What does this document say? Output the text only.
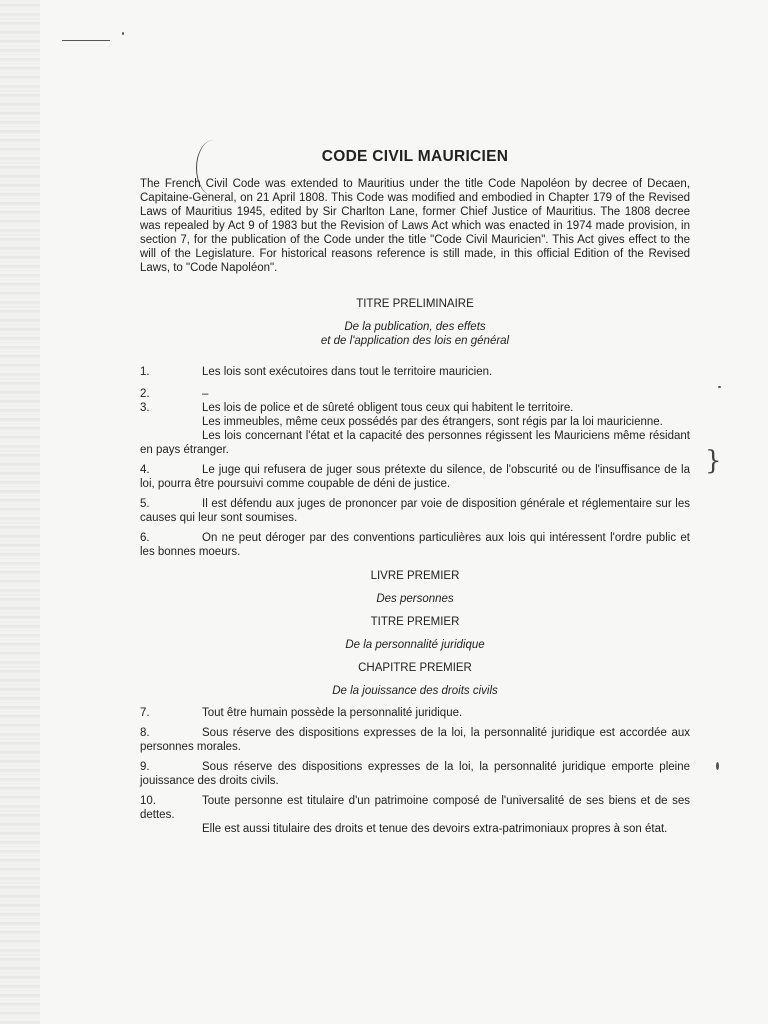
}
CODE CIVIL MAURICIEN

The French Civil Code was extended to Mauritius under the title Code Napoléon by decree of Decaen, Capitaine-General, on 21 April 1808. This Code was modified and embodied in Chapter 179 of the Revised Laws of Mauritius 1945, edited by Sir Charlton Lane, former Chief Justice of Mauritius. The 1808 decree was repealed by Act 9 of 1983 but the Revision of Laws Act which was enacted in 1974 made provision, in section 7, for the publication of the Code under the title "Code Civil Mauricien". This Act gives effect to the will of the Legislature. For historical reasons reference is still made, in this official Edition of the Revised Laws, to "Code Napoléon".

TITRE PRELIMINAIRE

De la publication, des effets

et de l'application des lois en général

1.	Les lois sont exécutoires dans tout le territoire mauricien.

2.	–

3.	Les lois de police et de sûreté obligent tous ceux qui habitent le territoire.

Les immeubles, même ceux possédés par des étrangers, sont régis par la loi mauricienne.

Les lois concernant l'état et la capacité des personnes régissent les Mauriciens même résidant en pays étranger.

4.	Le juge qui refusera de juger sous prétexte du silence, de l'obscurité ou de l'insuffisance de la loi, pourra être poursuivi comme coupable de déni de justice.

5.	Il est défendu aux juges de prononcer par voie de disposition générale et réglementaire sur les causes qui leur sont soumises.

6.	On ne peut déroger par des conventions particulières aux lois qui intéressent l'ordre public et les bonnes moeurs.

LIVRE PREMIER

Des personnes

TITRE PREMIER

De la personnalité juridique

CHAPITRE PREMIER

De la jouissance des droits civils

7.	Tout être humain possède la personnalité juridique.

8.	Sous réserve des dispositions expresses de la loi, la personnalité juridique est accordée aux personnes morales.

9.	Sous réserve des dispositions expresses de la loi, la personnalité juridique emporte pleine jouissance des droits civils.

10.	Toute personne est titulaire d'un patrimoine composé de l'universalité de ses biens et de ses dettes.

Elle est aussi titulaire des droits et tenue des devoirs extra-patrimoniaux propres à son état.
